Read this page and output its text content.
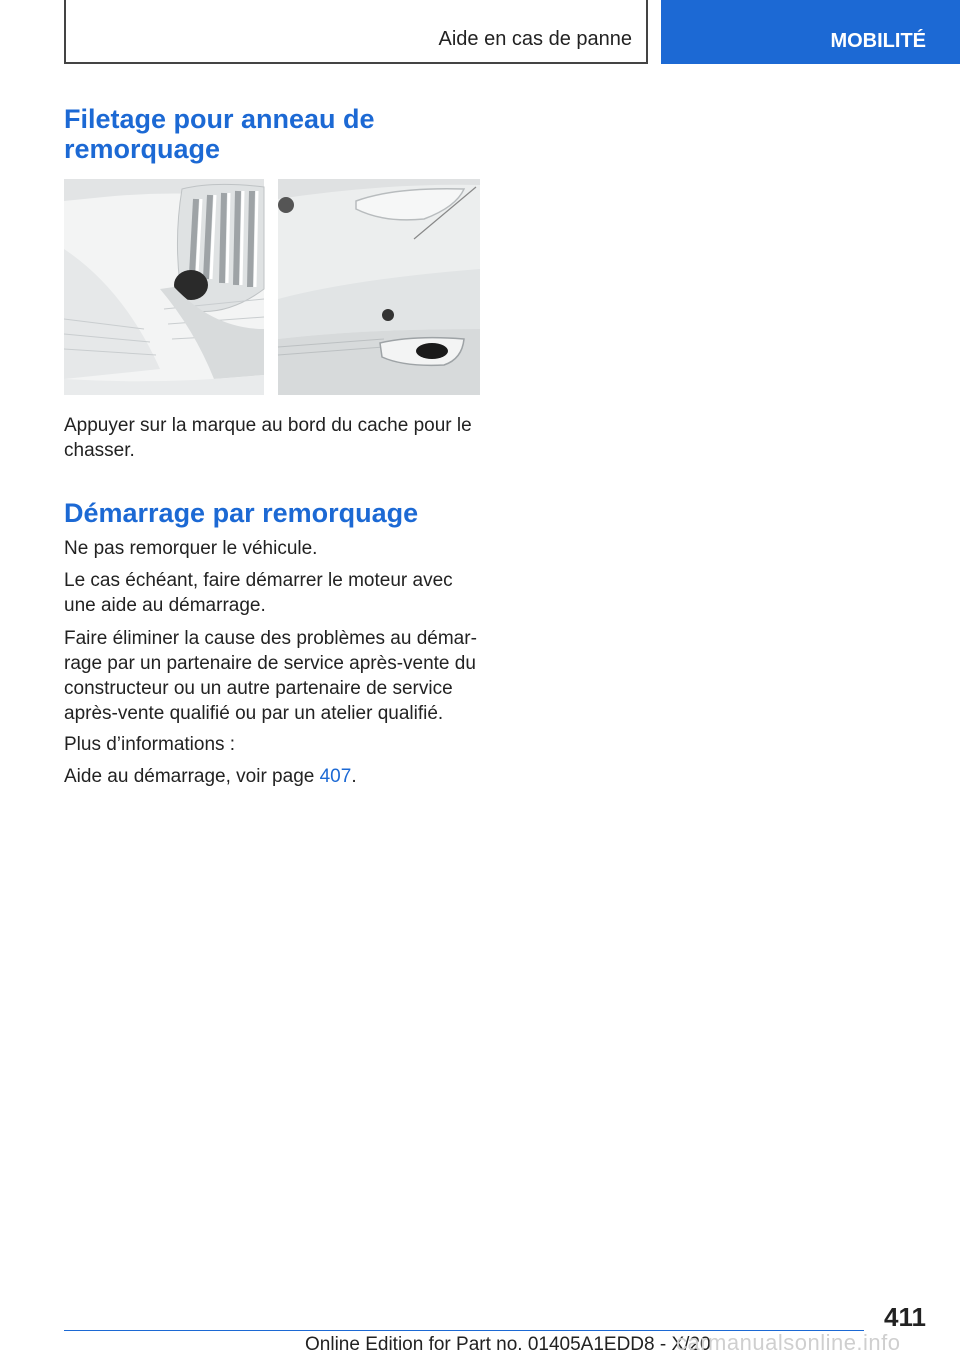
Aide en cas de panne	MOBILITÉ
Filetage pour anneau de remorquage

Appuyer sur la marque au bord du cache pour le chasser.

Démarrage par remorquage

Ne pas remorquer le véhicule.

Le cas échéant, faire démarrer le moteur avec une aide au démarrage.

Faire éliminer la cause des problèmes au démar-rage par un partenaire de service après-vente du constructeur ou un autre partenaire de service après-vente qualifié ou par un atelier qualifié.

Plus d’informations :

Aide au démarrage, voir page 407.

411
Online Edition for Part no. 01405A1EDD8 - X/20
carmanualsonline.info
